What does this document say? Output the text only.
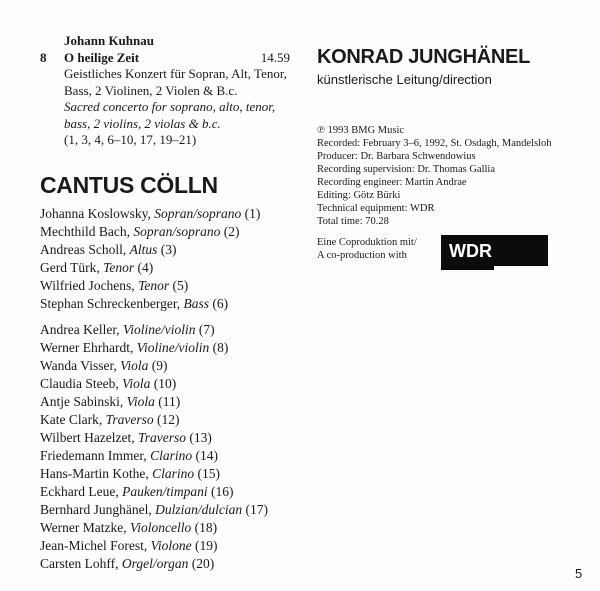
8	14.59
Johann Kuhnau
O heilige Zeit
Geistliches Konzert für Sopran, Alt, Tenor,
Bass, 2 Violinen, 2 Violen & B.c.
Sacred concerto for soprano, alto, tenor,
bass, 2 violins, 2 violas & b.c.
(1, 3, 4, 6–10, 17, 19–21)
CANTUS CÖLLN
Johanna Koslowsky, Sopran/soprano (1)
Mechthild Bach, Sopran/soprano (2)
Andreas Scholl, Altus (3)
Gerd Türk, Tenor (4)
Wilfried Jochens, Tenor (5)
Stephan Schreckenberger, Bass (6)
Andrea Keller, Violine/violin (7)
Werner Ehrhardt, Violine/violin (8)
Wanda Visser, Viola (9)
Claudia Steeb, Viola (10)
Antje Sabinski, Viola (11)
Kate Clark, Traverso (12)
Wilbert Hazelzet, Traverso (13)
Friedemann Immer, Clarino (14)
Hans-Martin Kothe, Clarino (15)
Eckhard Leue, Pauken/timpani (16)
Bernhard Junghänel, Dulzian/dulcian (17)
Werner Matzke, Violoncello (18)
Jean-Michel Forest, Violone (19)
Carsten Lohff, Orgel/organ (20)
KONRAD JUNGHÄNEL
künstlerische Leitung/direction
℗ 1993 BMG Music
Recorded: February 3–6, 1992, St. Osdagh, Mandelsloh
Producer: Dr. Barbara Schwendowius
Recording supervision: Dr. Thomas Gallia
Recording engineer: Martin Andrae
Editing: Götz Bürki
Technical equipment: WDR
Total time: 70.28
Eine Coproduktion mit/
A co-production with	WDR
5
